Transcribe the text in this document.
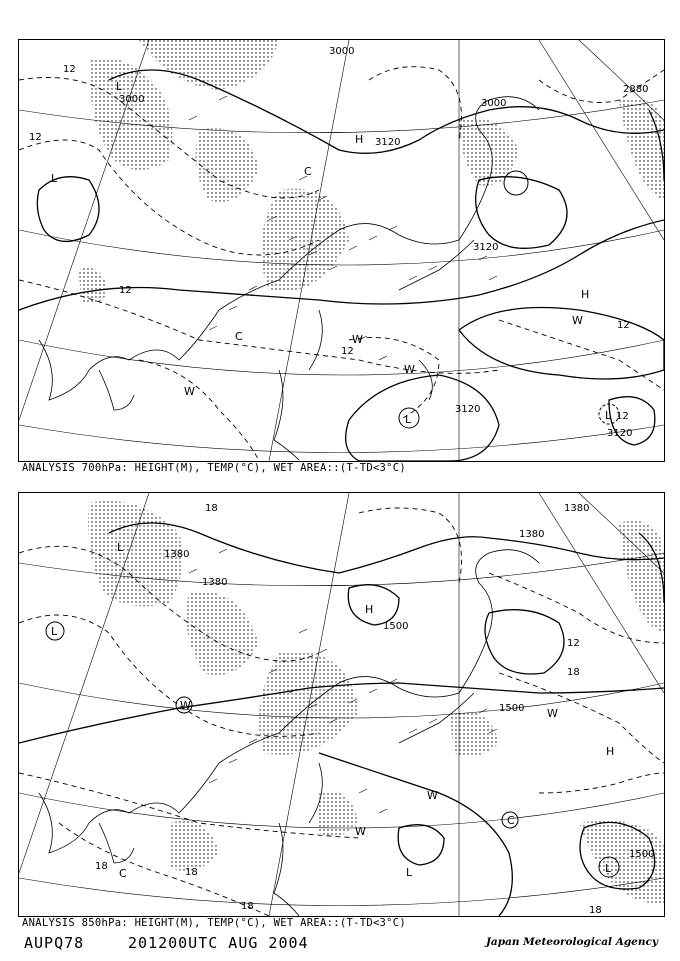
3000
3000	3000
3120
3120
3120
3120
2880
12
12
12
12
12
12
L
L
L	L
H
H
C
C
W
W
W
W
ANALYSIS 700hPa: HEIGHT(M), TEMP(°C), WET AREA::(T-TD<3°C)
1380
1380
1500
1500
1500
1380
1380
18
18
18
18
18	18
12
L
L
L	L
H
H
C
C
W
W
W
W
ANALYSIS 850hPa: HEIGHT(M), TEMP(°C), WET AREA::(T-TD<3°C)
AUPQ78	201200UTC AUG 2004	Japan Meteorological Agency
